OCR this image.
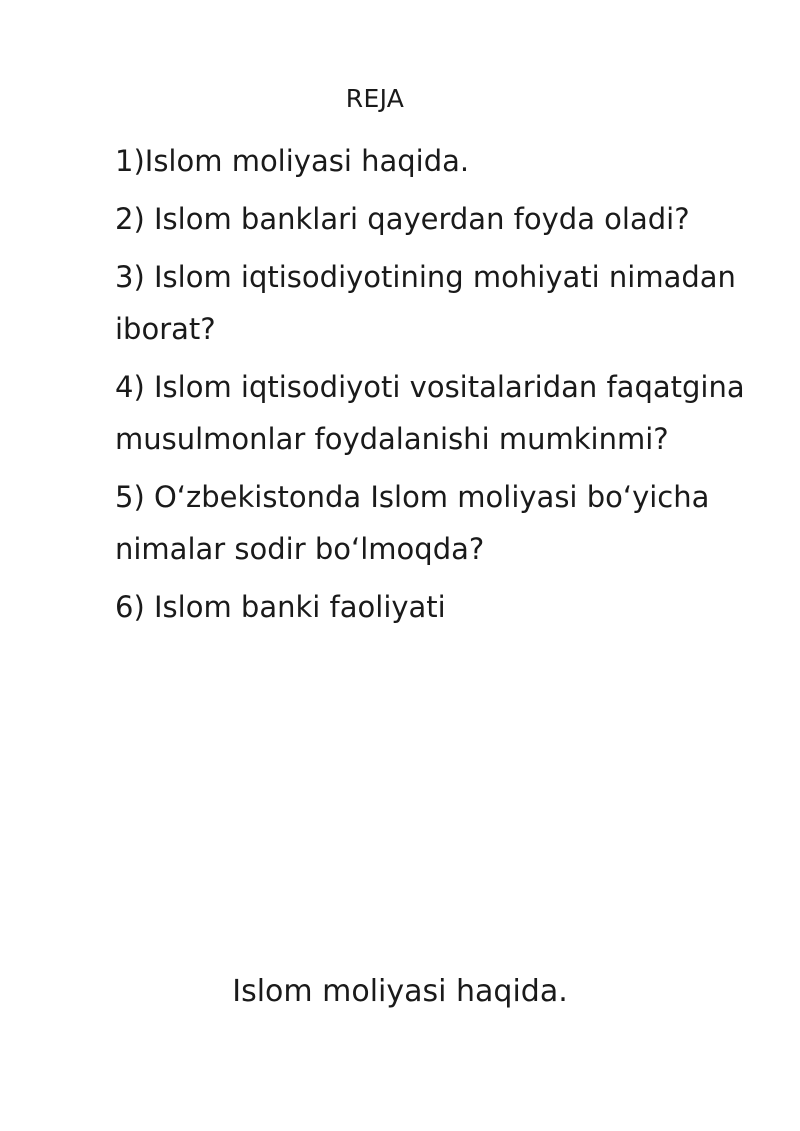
REJA
1)Islom moliyasi haqida.
2) Islom banklari qayerdan foyda oladi?
3) Islom iqtisodiyotining mohiyati nimadan iborat?
4) Islom iqtisodiyoti vositalaridan faqatgina musulmonlar foydalanishi mumkinmi?
5) O‘zbekistonda Islom moliyasi bo‘yicha nimalar sodir bo‘lmoqda?
6) Islom banki faoliyati
Islom moliyasi haqida.
